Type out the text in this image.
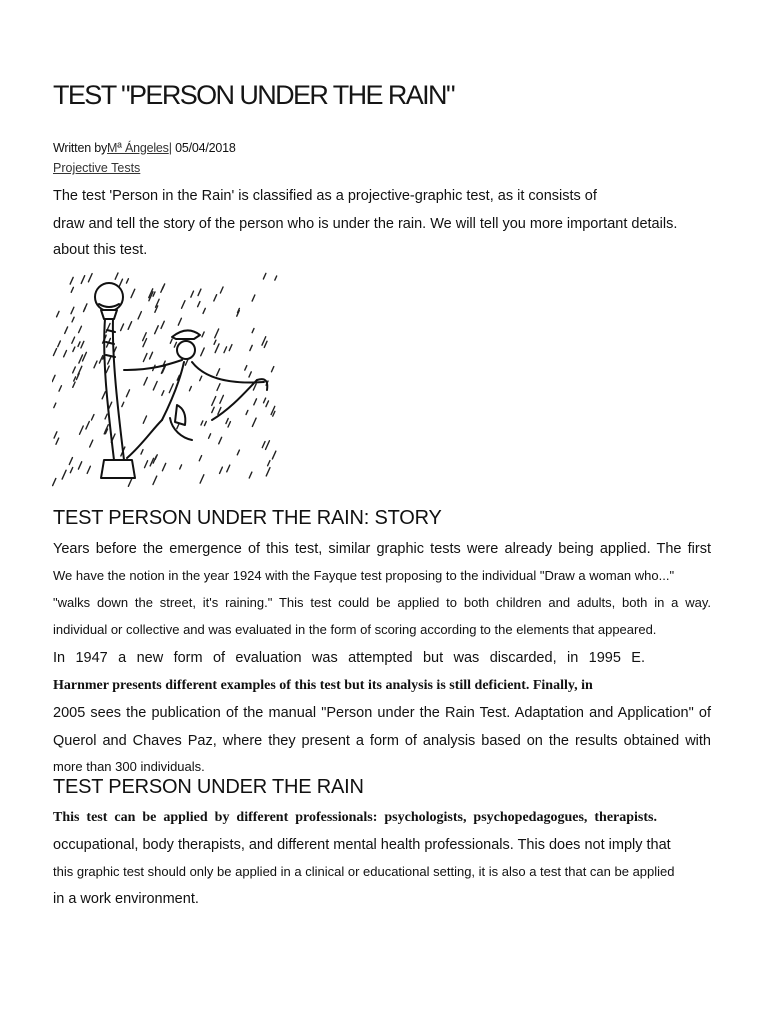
TEST "PERSON UNDER THE RAIN"
Written byMª Ángeles| 05/04/2018
Projective Tests
The test 'Person in the Rain' is classified as a projective-graphic test, as it consists of
draw and tell the story of the person who is under the rain. We will tell you more important details.
about this test.
TEST PERSON UNDER THE RAIN: STORY
Years before the emergence of this test, similar graphic tests were already being applied. The first
We have the notion in the year 1924 with the Fayque test proposing to the individual "Draw a woman who..."
"walks down the street, it's raining." This test could be applied to both children and adults, both in a way.
individual or collective and was evaluated in the form of scoring according to the elements that appeared.
In 1947 a new form of evaluation was attempted but was discarded, in 1995 E.
Harnmer presents different examples of this test but its analysis is still deficient. Finally, in
2005 sees the publication of the manual "Person under the Rain Test. Adaptation and Application" of
Querol and Chaves Paz, where they present a form of analysis based on the results obtained with
more than 300 individuals.
TEST PERSON UNDER THE RAIN
This test can be applied by different professionals: psychologists, psychopedagogues, therapists.
occupational, body therapists, and different mental health professionals. This does not imply that
this graphic test should only be applied in a clinical or educational setting, it is also a test that can be applied
in a work environment.
